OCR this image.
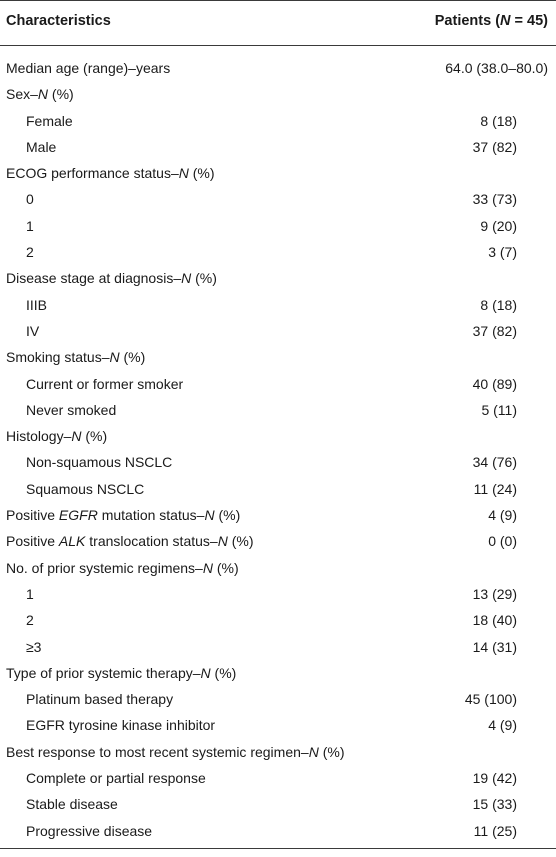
Characteristics	Patients (N = 45)
Median age (range)–years	64.0 (38.0–80.0)
Sex–N (%)
Female	8 (18)
Male	37 (82)
ECOG performance status–N (%)
0	33 (73)
1	9 (20)
2	3 (7)
Disease stage at diagnosis–N (%)
IIIB	8 (18)
IV	37 (82)
Smoking status–N (%)
Current or former smoker	40 (89)
Never smoked	5 (11)
Histology–N (%)
Non-squamous NSCLC	34 (76)
Squamous NSCLC	11 (24)
Positive EGFR mutation status–N (%)	4 (9)
Positive ALK translocation status–N (%)	0 (0)
No. of prior systemic regimens–N (%)
1	13 (29)
2	18 (40)
≥3	14 (31)
Type of prior systemic therapy–N (%)
Platinum based therapy	45 (100)
EGFR tyrosine kinase inhibitor	4 (9)
Best response to most recent systemic regimen–N (%)
Complete or partial response	19 (42)
Stable disease	15 (33)
Progressive disease	11 (25)
